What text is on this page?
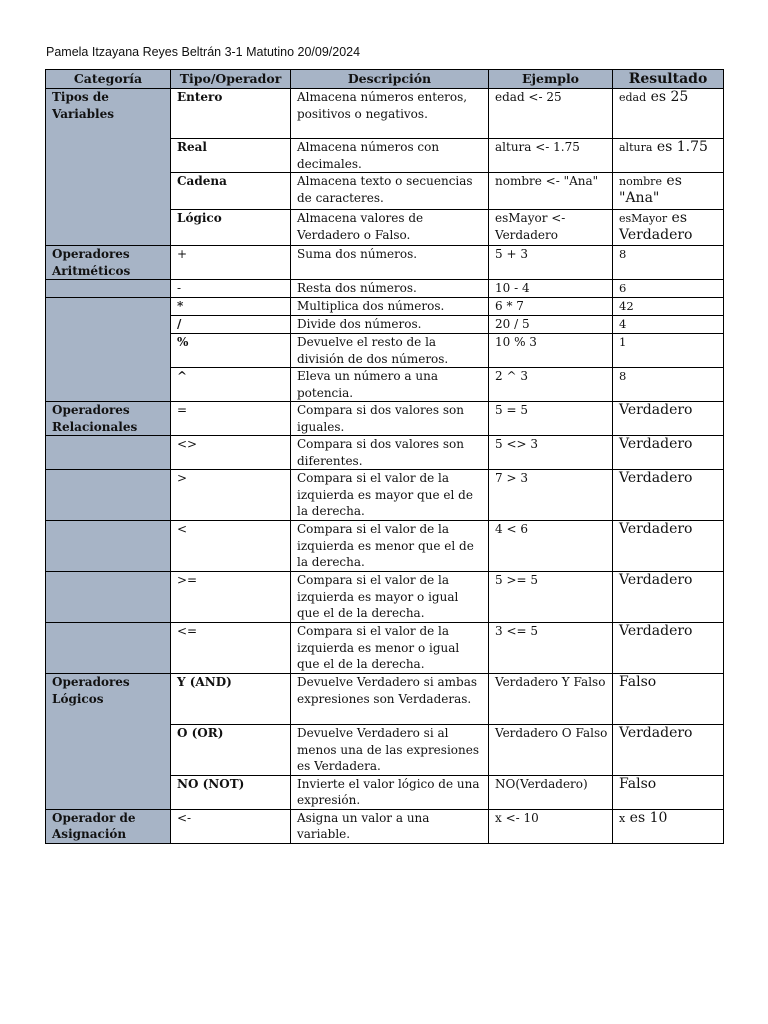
Pamela Itzayana Reyes Beltrán 3-1 Matutino 20/09/2024
Categoría	Tipo/Operador	Descripción	Ejemplo	Resultado
Tipos de Variables	Entero	Almacena números enteros, positivos o negativos.	edad <- 25	edad es 25
	Real	Almacena números con decimales.	altura <- 1.75	altura es 1.75
	Cadena	Almacena texto o secuencias de caracteres.	nombre <- "Ana"	nombre es "Ana"
	Lógico	Almacena valores de Verdadero o Falso.	esMayor <- Verdadero	esMayor es Verdadero
Operadores Aritméticos	+	Suma dos números.	5 + 3	8
	-	Resta dos números.	10 - 4	6
	*	Multiplica dos números.	6 * 7	42
	/	Divide dos números.	20 / 5	4
	%	Devuelve el resto de la división de dos números.	10 % 3	1
	^	Eleva un número a una potencia.	2 ^ 3	8
Operadores Relacionales	=	Compara si dos valores son iguales.	5 = 5	Verdadero
	<>	Compara si dos valores son diferentes.	5 <> 3	Verdadero
	>	Compara si el valor de la izquierda es mayor que el de la derecha.	7 > 3	Verdadero
	<	Compara si el valor de la izquierda es menor que el de la derecha.	4 < 6	Verdadero
	>=	Compara si el valor de la izquierda es mayor o igual que el de la derecha.	5 >= 5	Verdadero
	<=	Compara si el valor de la izquierda es menor o igual que el de la derecha.	3 <= 5	Verdadero
Operadores Lógicos	Y (AND)	Devuelve Verdadero si ambas expresiones son Verdaderas.	Verdadero Y Falso	Falso
	O (OR)	Devuelve Verdadero si al menos una de las expresiones es Verdadera.	Verdadero O Falso	Verdadero
	NO (NOT)	Invierte el valor lógico de una expresión.	NO(Verdadero)	Falso
Operador de Asignación	<-	Asigna un valor a una variable.	x <- 10	x es 10
